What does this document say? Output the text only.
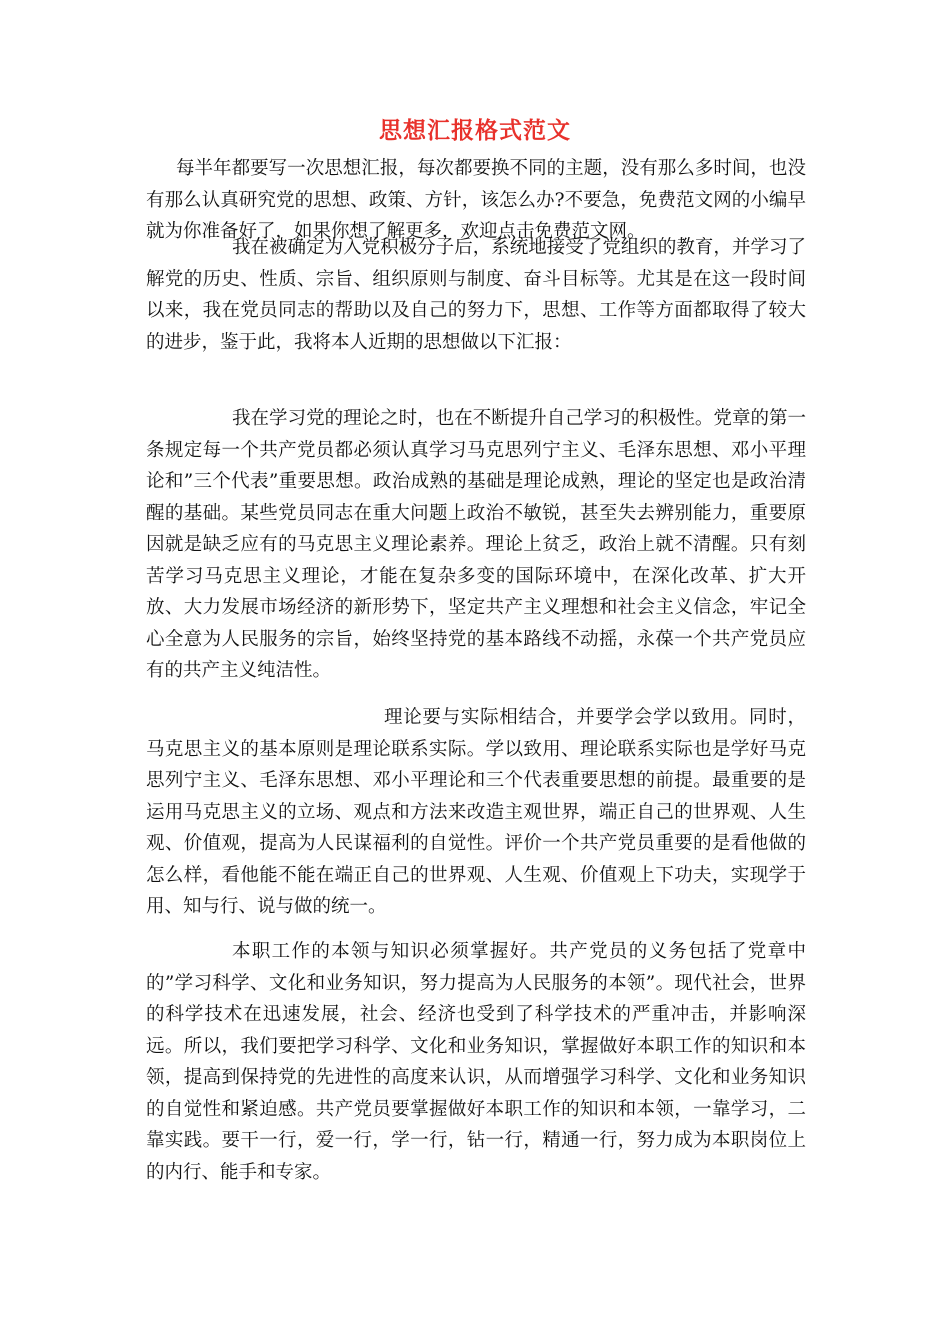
思想汇报格式范文

每半年都要写一次思想汇报，每次都要换不同的主题，没有那么多时间，也没有那么认真研究党的思想、政策、方针，该怎么办?不要急，免费范文网的小编早就为你准备好了，如果你想了解更多，欢迎点击免费范文网。

我在被确定为入党积极分子后，系统地接受了党组织的教育，并学习了解党的历史、性质、宗旨、组织原则与制度、奋斗目标等。尤其是在这一段时间以来，我在党员同志的帮助以及自己的努力下，思想、工作等方面都取得了较大的进步，鉴于此，我将本人近期的思想做以下汇报：

我在学习党的理论之时，也在不断提升自己学习的积极性。党章的第一条规定每一个共产党员都必须认真学习马克思列宁主义、毛泽东思想、邓小平理论和”三个代表”重要思想。政治成熟的基础是理论成熟，理论的坚定也是政治清醒的基础。某些党员同志在重大问题上政治不敏锐，甚至失去辨别能力，重要原因就是缺乏应有的马克思主义理论素养。理论上贫乏，政治上就不清醒。只有刻苦学习马克思主义理论，才能在复杂多变的国际环境中，在深化改革、扩大开放、大力发展市场经济的新形势下，坚定共产主义理想和社会主义信念，牢记全心全意为人民服务的宗旨，始终坚持党的基本路线不动摇，永葆一个共产党员应有的共产主义纯洁性。

理论要与实际相结合，并要学会学以致用。同时，马克思主义的基本原则是理论联系实际。学以致用、理论联系实际也是学好马克思列宁主义、毛泽东思想、邓小平理论和三个代表重要思想的前提。最重要的是运用马克思主义的立场、观点和方法来改造主观世界，端正自己的世界观、人生观、价值观，提高为人民谋福利的自觉性。评价一个共产党员重要的是看他做的怎么样，看他能不能在端正自己的世界观、人生观、价值观上下功夫，实现学于用、知与行、说与做的统一。

本职工作的本领与知识必须掌握好。共产党员的义务包括了党章中的”学习科学、文化和业务知识，努力提高为人民服务的本领”。现代社会，世界的科学技术在迅速发展，社会、经济也受到了科学技术的严重冲击，并影响深远。所以，我们要把学习科学、文化和业务知识，掌握做好本职工作的知识和本领，提高到保持党的先进性的高度来认识，从而增强学习科学、文化和业务知识的自觉性和紧迫感。共产党员要掌握做好本职工作的知识和本领，一靠学习，二靠实践。要干一行，爱一行，学一行，钻一行，精通一行，努力成为本职岗位上的内行、能手和专家。
